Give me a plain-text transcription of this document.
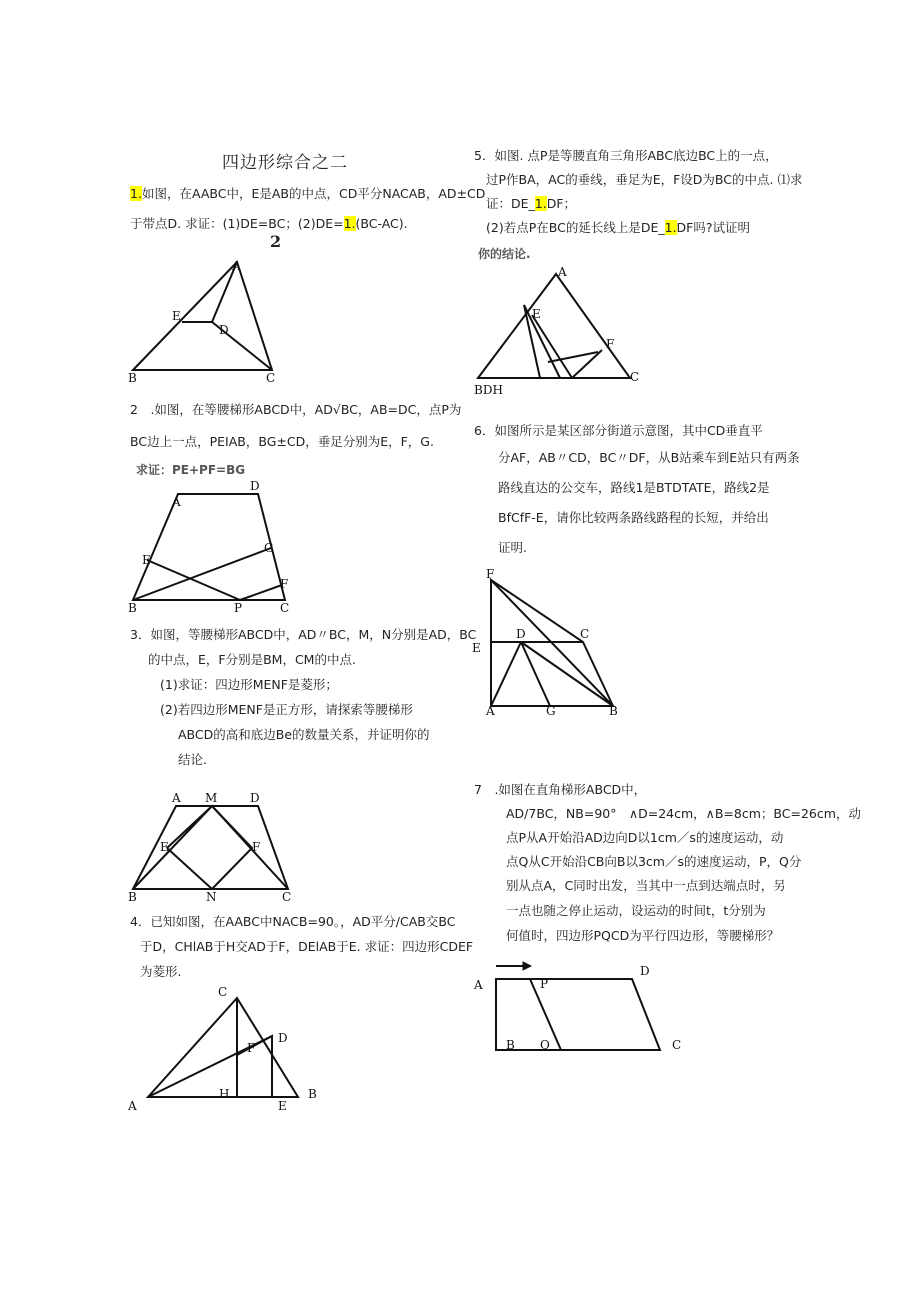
四边形综合之二
1.如图，在AABC中，E是AB的中点，CD平分NACAB，AD±CD
于带点D. 求证：(1)DE=BC；(2)DE=1.(BC-AC).
2
A
E
D
B	C
2　.如图，在等腰梯形ABCD中，AD√BC，AB=DC，点P为
BC边上一点，PEIAB，BG±CD，垂足分别为E，F，G.
求证：PE+PF=BG
A
D
E
G
F
B	P	C
3．如图，等腰梯形ABCD中，AD〃BC，M，N分别是AD，BC
的中点，E，F分别是BM，CM的中点.
(1)求证：四边形MENF是菱形；
(2)若四边形MENF是正方形，请探索等腰梯形
ABCD的高和底边Be的数量关系，并证明你的
结论.
A M	D
E	F
B	N	C
4．已知如图，在AABC中NACB=90。，AD平分/CAB交BC
于D，CHlAB于H交AD于F，DElAB于E. 求证：四边形CDEF
为菱形.
C
D
F
A
H
E
B
5．如图. 点P是等腰直角三角形ABC底边BC上的一点，
过P作BA，AC的垂线，垂足为E，F设D为BC的中点. ⑴求
证：DE_1.DF；
(2)若点P在BC的延长线上是DE_1.DF吗?试证明
你的结论.
A
E
F
BDH
C
6．如图所示是某区部分街道示意图，其中CD垂直平
分AF，AB〃CD，BC〃DF，从B站乘车到E站只有两条
路线直达的公交车，路线1是BTDTATE，路线2是
BfCfF-E，请你比较两条路线路程的长短，并给出
证明.
F
D	C
E
A	G	B
7　.如图在直角梯形ABCD中，
AD/7BC，NB=90°　∧D=24cm，∧B=8cm；BC=26cm，动
点P从A开始沿AD边向D以1cm／s的速度运动，动
点Q从C开始沿CB向B以3cm／s的速度运动，P，Q分
别从点A，C同时出发，当其中一点到达端点时，另
一点也随之停止运动，设运动的时间t，t分别为
何值时，四边形PQCD为平行四边形，等腰梯形？
A	P
D
B Q	C
